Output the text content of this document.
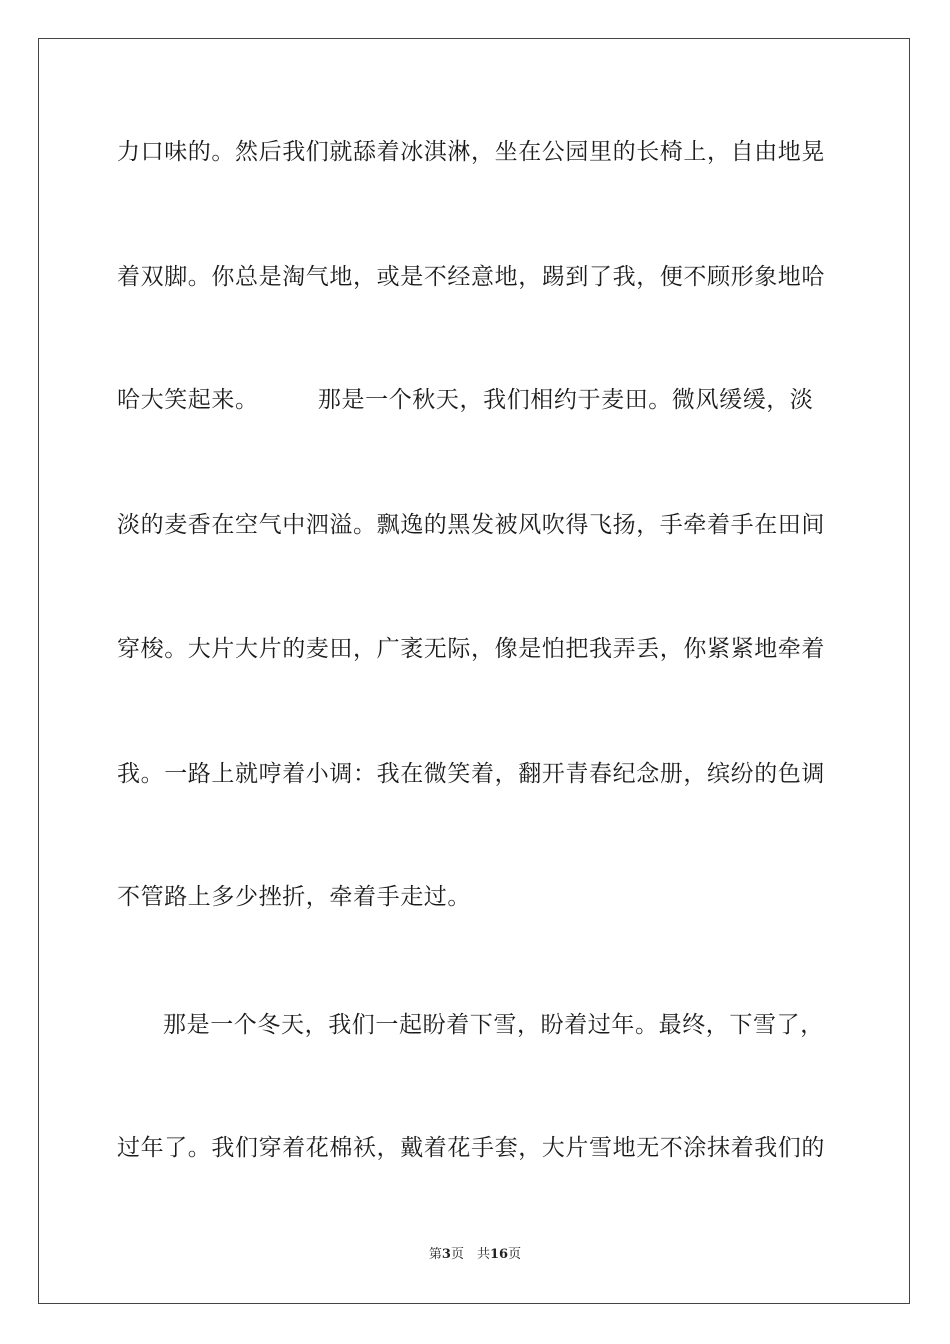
力口味的。然后我们就舔着冰淇淋，坐在公园里的长椅上，自由地晃
着双脚。你总是淘气地，或是不经意地，踢到了我，便不顾形象地哈
哈大笑起来。　　　那是一个秋天，我们相约于麦田。微风缓缓，淡
淡的麦香在空气中泗溢。飘逸的黑发被风吹得飞扬，手牵着手在田间
穿梭。大片大片的麦田，广袤无际，像是怕把我弄丢，你紧紧地牵着
我。一路上就哼着小调：我在微笑着，翻开青春纪念册，缤纷的色调
不管路上多少挫折，牵着手走过。
那是一个冬天，我们一起盼着下雪，盼着过年。最终，下雪了，
过年了。我们穿着花棉袄，戴着花手套，大片雪地无不涂抹着我们的
第3页　共16页
